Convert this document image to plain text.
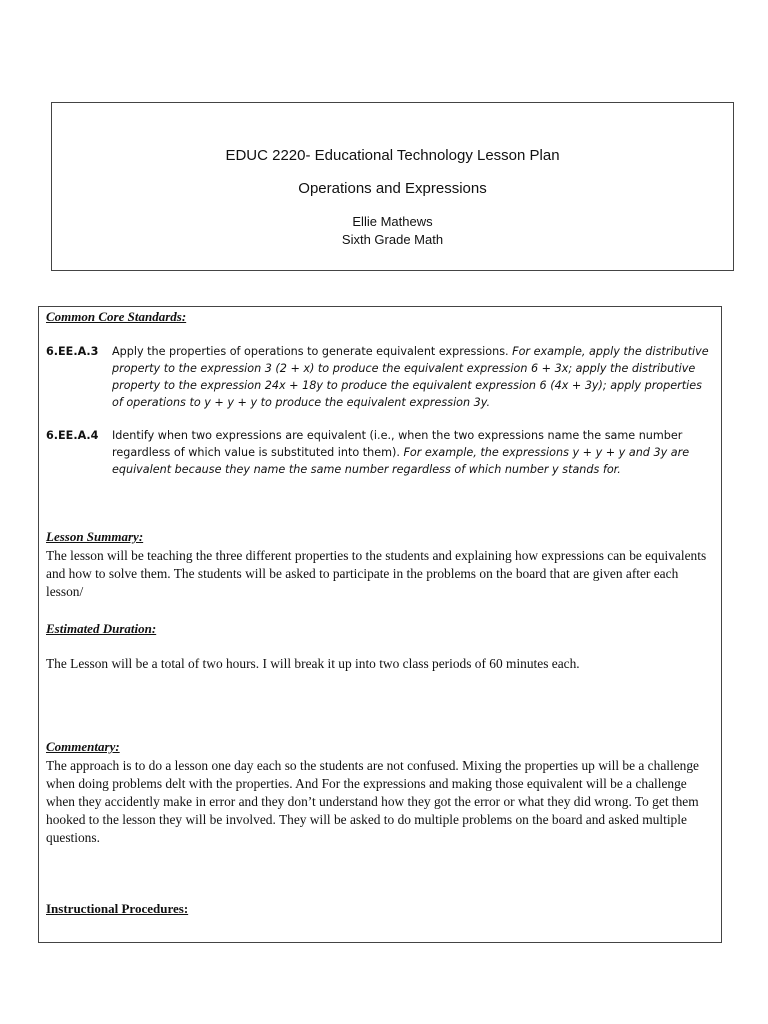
EDUC 2220- Educational Technology Lesson Plan
Operations and Expressions
Ellie Mathews
Sixth Grade Math
Common Core Standards:
6.EE.A.3 Apply the properties of operations to generate equivalent expressions. For example, apply the distributive property to the expression 3 (2 + x) to produce the equivalent expression 6 + 3x; apply the distributive property to the expression 24x + 18y to produce the equivalent expression 6 (4x + 3y); apply properties of operations to y + y + y to produce the equivalent expression 3y.
6.EE.A.4 Identify when two expressions are equivalent (i.e., when the two expressions name the same number regardless of which value is substituted into them). For example, the expressions y + y + y and 3y are equivalent because they name the same number regardless of which number y stands for.
Lesson Summary:
The lesson will be teaching the three different properties to the students and explaining how expressions can be equivalents and how to solve them. The students will be asked to participate in the problems on the board that are given after each lesson/
Estimated Duration:
The Lesson will be a total of two hours. I will break it up into two class periods of 60 minutes each.
Commentary:
The approach is to do a lesson one day each so the students are not confused. Mixing the properties up will be a challenge when doing problems delt with the properties. And For the expressions and making those equivalent will be a challenge when they accidently make in error and they don’t understand how they got the error or what they did wrong. To get them hooked to the lesson they will be involved. They will be asked to do multiple problems on the board and asked multiple questions.
Instructional Procedures:
